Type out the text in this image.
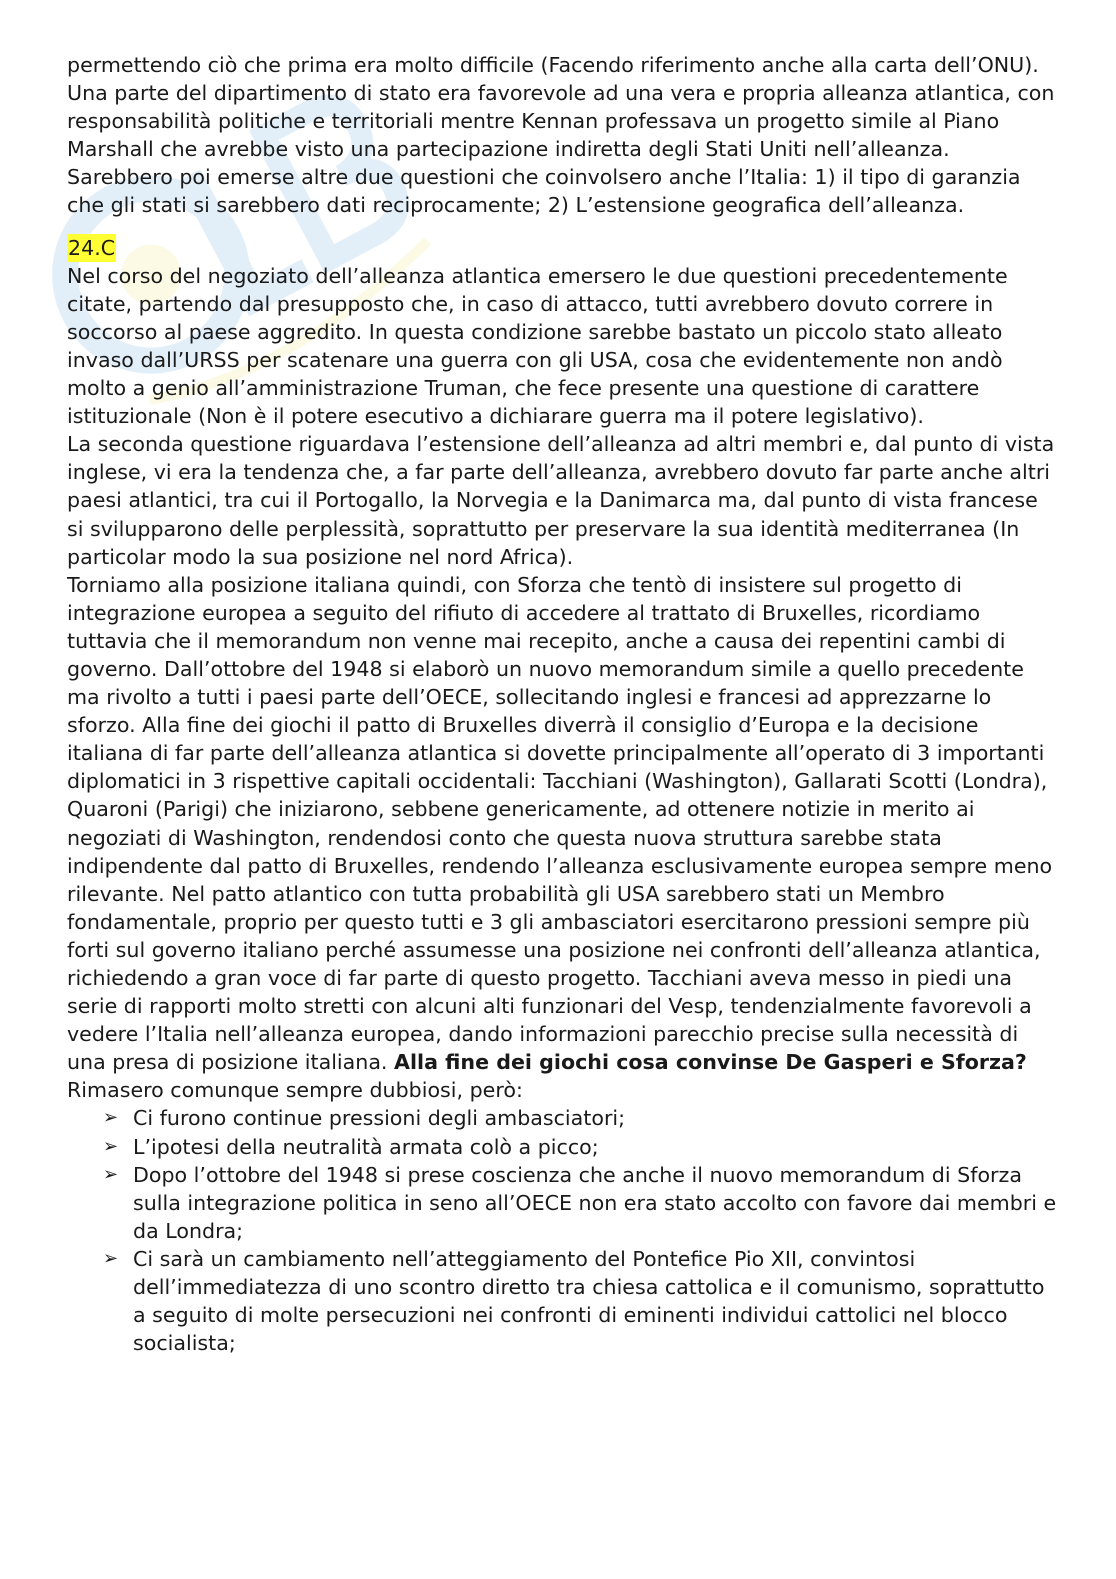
permettendo ciò che prima era molto difficile (Facendo riferimento anche alla carta dell’ONU). Una parte del dipartimento di stato era favorevole ad una vera e propria alleanza atlantica, con responsabilità politiche e territoriali mentre Kennan professava un progetto simile al Piano Marshall che avrebbe visto una partecipazione indiretta degli Stati Uniti nell’alleanza. Sarebbero poi emerse altre due questioni che coinvolsero anche l’Italia: 1) il tipo di garanzia che gli stati si sarebbero dati reciprocamente; 2) L’estensione geografica dell’alleanza.

24.C

Nel corso del negoziato dell’alleanza atlantica emersero le due questioni precedentemente citate, partendo dal presupposto che, in caso di attacco, tutti avrebbero dovuto correre in soccorso al paese aggredito. In questa condizione sarebbe bastato un piccolo stato alleato invaso dall’URSS per scatenare una guerra con gli USA, cosa che evidentemente non andò molto a genio all’amministrazione Truman, che fece presente una questione di carattere istituzionale (Non è il potere esecutivo a dichiarare guerra ma il potere legislativo).

La seconda questione riguardava l’estensione dell’alleanza ad altri membri e, dal punto di vista inglese, vi era la tendenza che, a far parte dell’alleanza, avrebbero dovuto far parte anche altri paesi atlantici, tra cui il Portogallo, la Norvegia e la Danimarca ma, dal punto di vista francese si svilupparono delle perplessità, soprattutto per preservare la sua identità mediterranea (In particolar modo la sua posizione nel nord Africa).

Torniamo alla posizione italiana quindi, con Sforza che tentò di insistere sul progetto di integrazione europea a seguito del rifiuto di accedere al trattato di Bruxelles, ricordiamo tuttavia che il memorandum non venne mai recepito, anche a causa dei repentini cambi di governo. Dall’ottobre del 1948 si elaborò un nuovo memorandum simile a quello precedente ma rivolto a tutti i paesi parte dell’OECE, sollecitando inglesi e francesi ad apprezzarne lo sforzo. Alla fine dei giochi il patto di Bruxelles diverrà il consiglio d’Europa e la decisione italiana di far parte dell’alleanza atlantica si dovette principalmente all’operato di 3 importanti diplomatici in 3 rispettive capitali occidentali: Tacchiani (Washington), Gallarati Scotti (Londra), Quaroni (Parigi) che iniziarono, sebbene genericamente, ad ottenere notizie in merito ai negoziati di Washington, rendendosi conto che questa nuova struttura sarebbe stata indipendente dal patto di Bruxelles, rendendo l’alleanza esclusivamente europea sempre meno rilevante. Nel patto atlantico con tutta probabilità gli USA sarebbero stati un Membro fondamentale, proprio per questo tutti e 3 gli ambasciatori esercitarono pressioni sempre più forti sul governo italiano perché assumesse una posizione nei confronti dell’alleanza atlantica, richiedendo a gran voce di far parte di questo progetto. Tacchiani aveva messo in piedi una serie di rapporti molto stretti con alcuni alti funzionari del Vesp, tendenzialmente favorevoli a vedere l’Italia nell’alleanza europea, dando informazioni parecchio precise sulla necessità di una presa di posizione italiana. Alla fine dei giochi cosa convinse De Gasperi e Sforza? Rimasero comunque sempre dubbiosi, però:

➢ Ci furono continue pressioni degli ambasciatori;
➢ L’ipotesi della neutralità armata colò a picco;
➢ Dopo l’ottobre del 1948 si prese coscienza che anche il nuovo memorandum di Sforza sulla integrazione politica in seno all’OECE non era stato accolto con favore dai membri e da Londra;
➢ Ci sarà un cambiamento nell’atteggiamento del Pontefice Pio XII, convintosi dell’immediatezza di uno scontro diretto tra chiesa cattolica e il comunismo, soprattutto a seguito di molte persecuzioni nei confronti di eminenti individui cattolici nel blocco socialista;
